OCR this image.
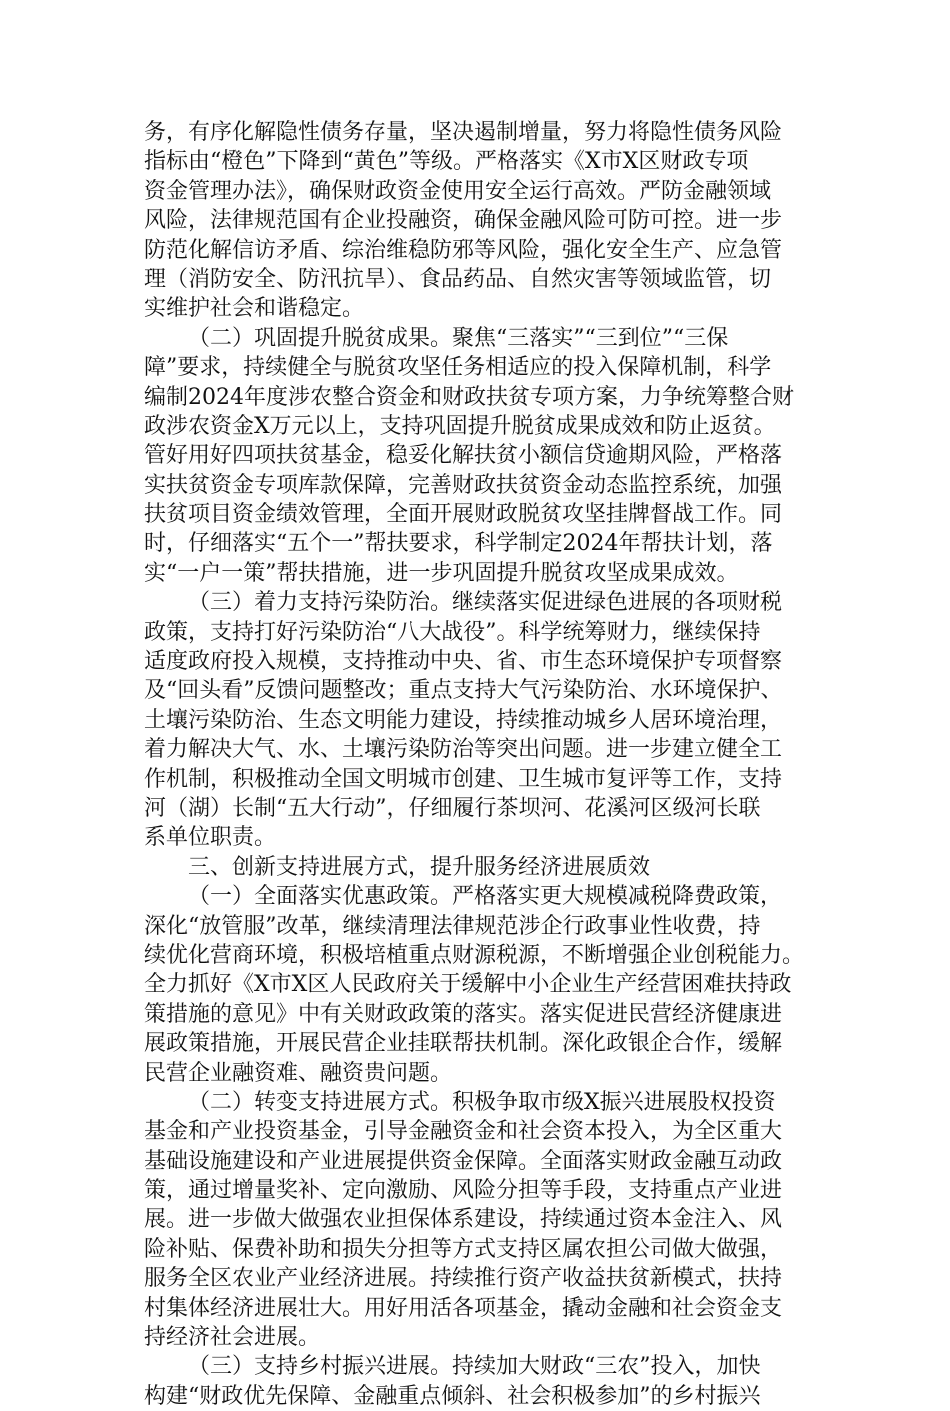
务，有序化解隐性债务存量，坚决遏制增量，努力将隐性债务风险
指标由“橙色”下降到“黄色”等级。严格落实《X市X区财政专项
资金管理办法》，确保财政资金使用安全运行高效。严防金融领域
风险，法律规范国有企业投融资，确保金融风险可防可控。进一步
防范化解信访矛盾、综治维稳防邪等风险，强化安全生产、应急管
理（消防安全、防汛抗旱）、食品药品、自然灾害等领域监管，切
实维护社会和谐稳定。
（二）巩固提升脱贫成果。聚焦“三落实”“三到位”“三保
障”要求，持续健全与脱贫攻坚任务相适应的投入保障机制，科学
编制2024年度涉农整合资金和财政扶贫专项方案，力争统筹整合财
政涉农资金X万元以上，支持巩固提升脱贫成果成效和防止返贫。
管好用好四项扶贫基金，稳妥化解扶贫小额信贷逾期风险，严格落
实扶贫资金专项库款保障，完善财政扶贫资金动态监控系统，加强
扶贫项目资金绩效管理，全面开展财政脱贫攻坚挂牌督战工作。同
时，仔细落实“五个一”帮扶要求，科学制定2024年帮扶计划，落
实“一户一策”帮扶措施，进一步巩固提升脱贫攻坚成果成效。
（三）着力支持污染防治。继续落实促进绿色进展的各项财税
政策，支持打好污染防治“八大战役”。科学统筹财力，继续保持
适度政府投入规模，支持推动中央、省、市生态环境保护专项督察
及“回头看”反馈问题整改；重点支持大气污染防治、水环境保护、
土壤污染防治、生态文明能力建设，持续推动城乡人居环境治理，
着力解决大气、水、土壤污染防治等突出问题。进一步建立健全工
作机制，积极推动全国文明城市创建、卫生城市复评等工作，支持
河（湖）长制“五大行动”，仔细履行茶坝河、花溪河区级河长联
系单位职责。
三、创新支持进展方式，提升服务经济进展质效
（一）全面落实优惠政策。严格落实更大规模减税降费政策，
深化“放管服”改革，继续清理法律规范涉企行政事业性收费，持
续优化营商环境，积极培植重点财源税源，不断增强企业创税能力。
全力抓好《X市X区人民政府关于缓解中小企业生产经营困难扶持政
策措施的意见》中有关财政政策的落实。落实促进民营经济健康进
展政策措施，开展民营企业挂联帮扶机制。深化政银企合作，缓解
民营企业融资难、融资贵问题。
（二）转变支持进展方式。积极争取市级X振兴进展股权投资
基金和产业投资基金，引导金融资金和社会资本投入，为全区重大
基础设施建设和产业进展提供资金保障。全面落实财政金融互动政
策，通过增量奖补、定向激励、风险分担等手段，支持重点产业进
展。进一步做大做强农业担保体系建设，持续通过资本金注入、风
险补贴、保费补助和损失分担等方式支持区属农担公司做大做强，
服务全区农业产业经济进展。持续推行资产收益扶贫新模式，扶持
村集体经济进展壮大。用好用活各项基金，撬动金融和社会资金支
持经济社会进展。
（三）支持乡村振兴进展。持续加大财政“三农”投入，加快
构建“财政优先保障、金融重点倾斜、社会积极参加”的乡村振兴
